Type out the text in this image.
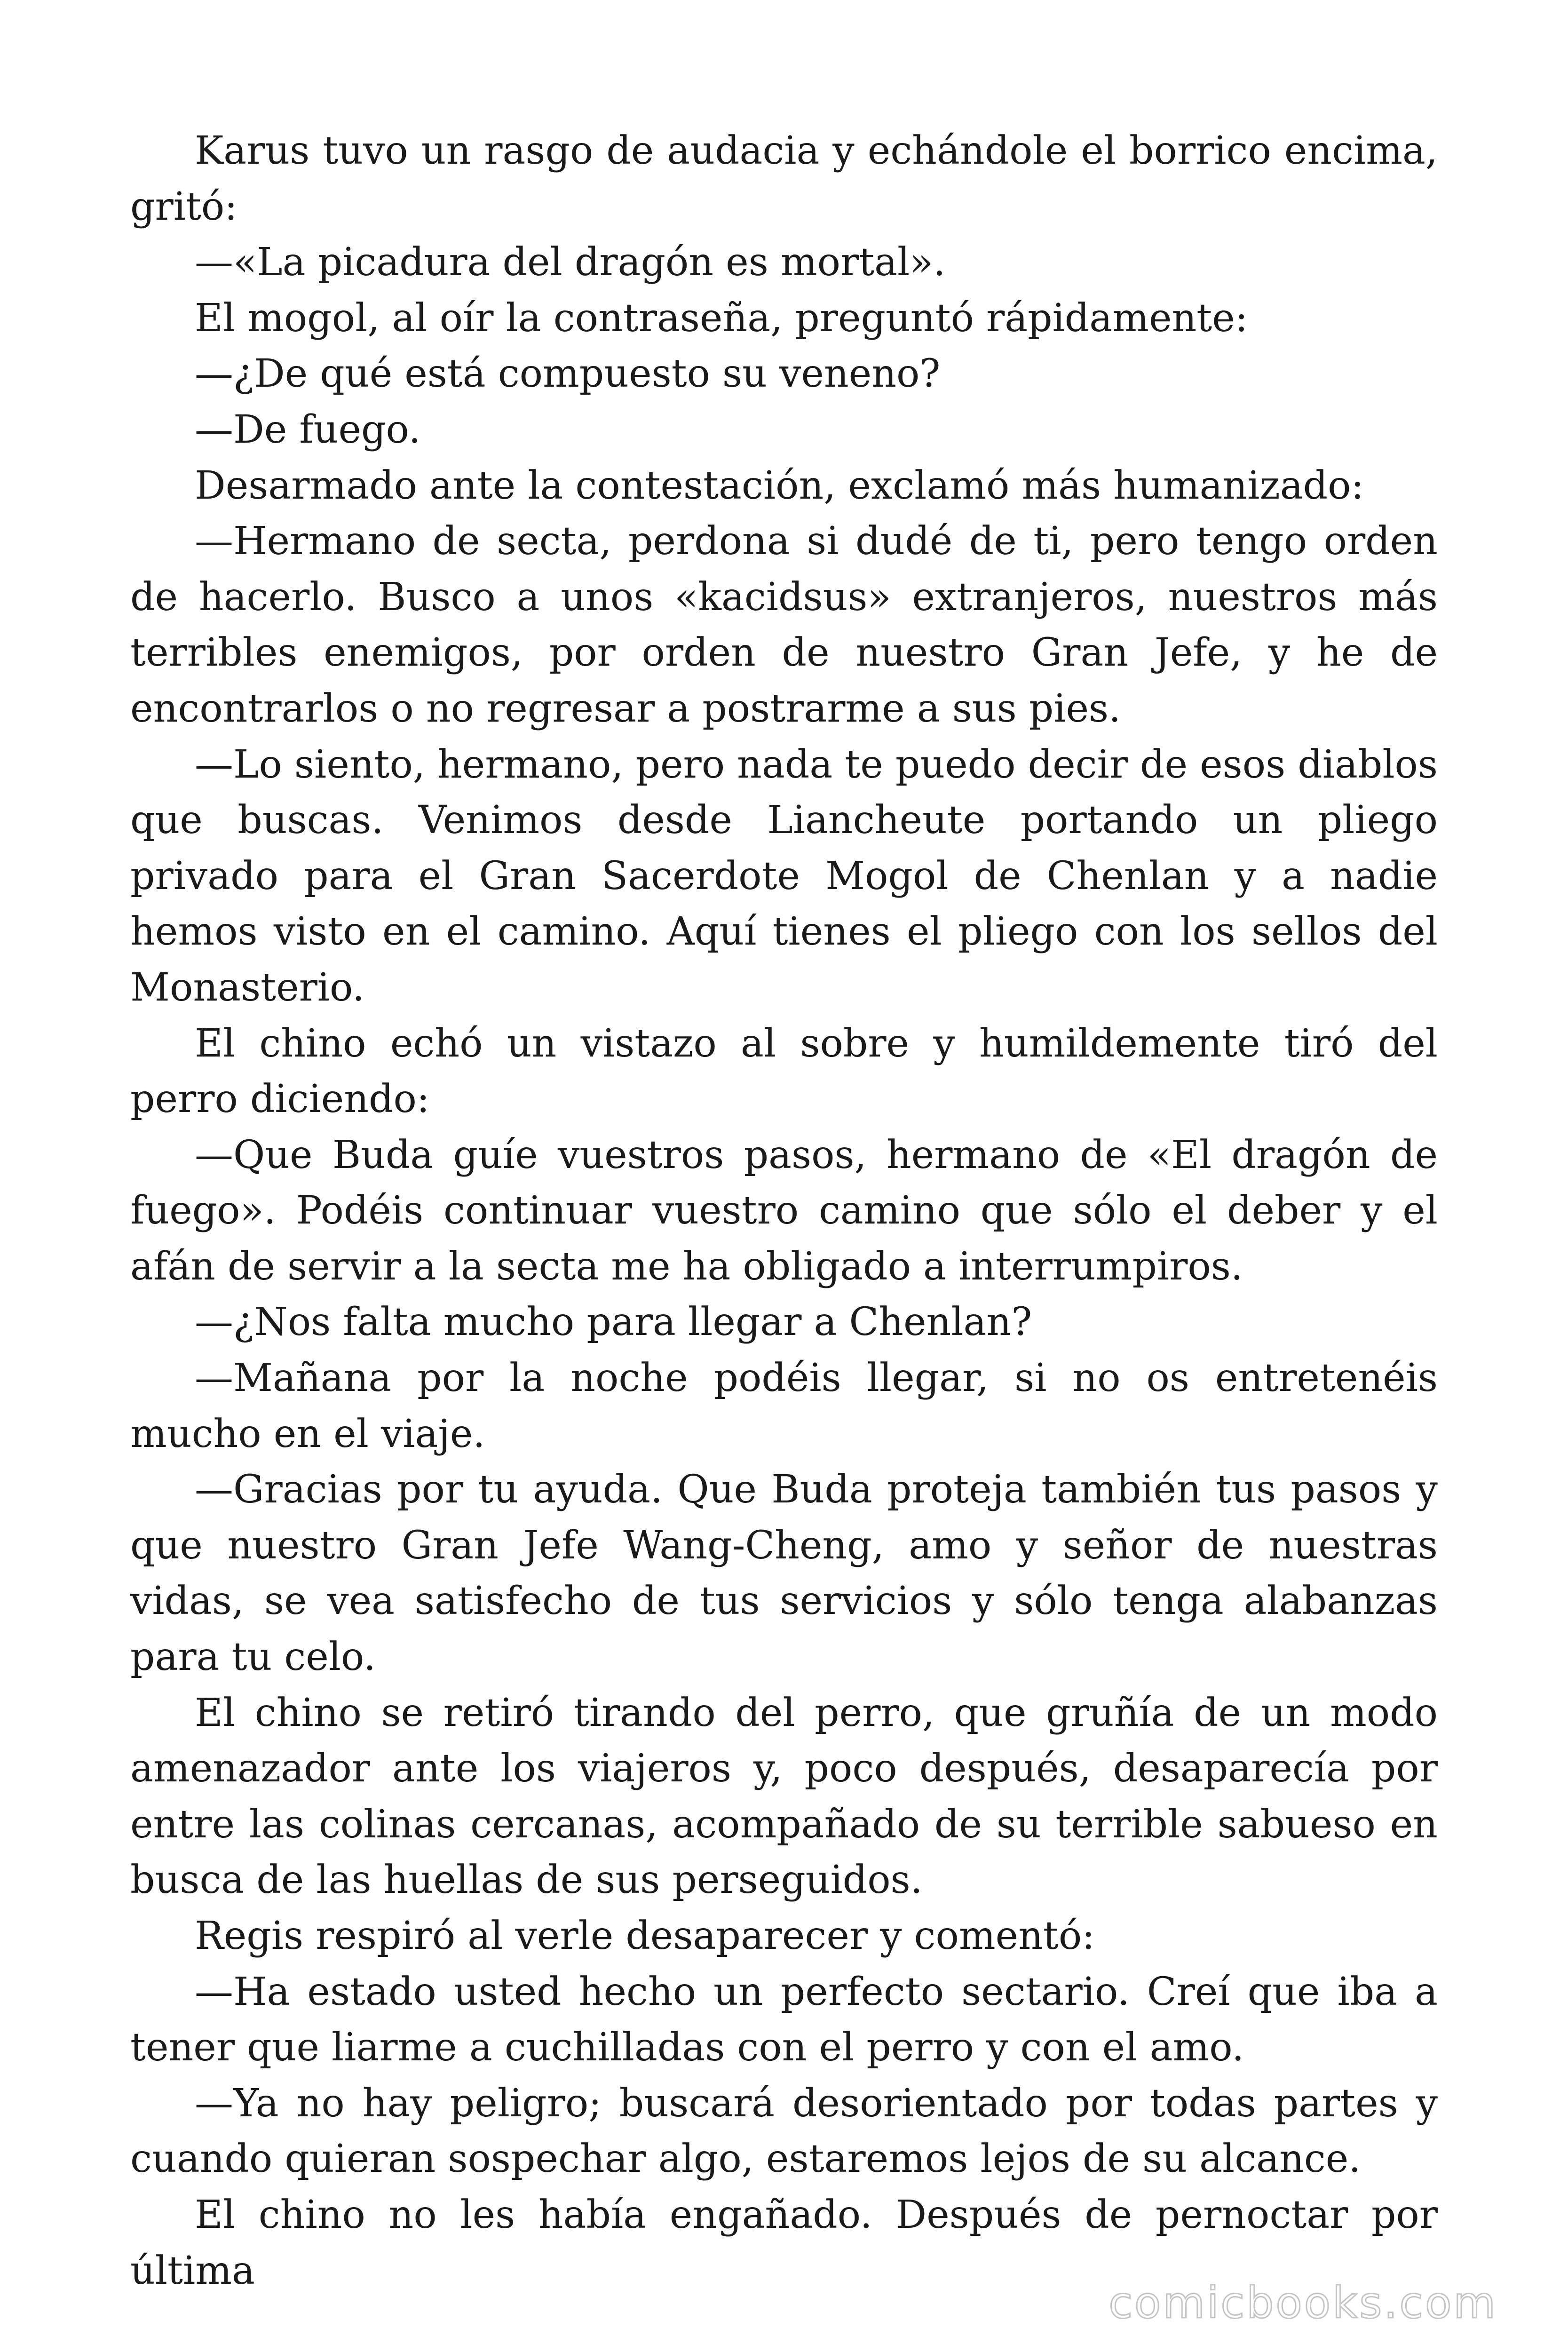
Karus tuvo un rasgo de audacia y echándole el borrico encima, gritó:

—«La picadura del dragón es mortal».

El mogol, al oír la contraseña, preguntó rápidamente:

—¿De qué está compuesto su veneno?

—De fuego.

Desarmado ante la contestación, exclamó más humanizado:

—Hermano de secta, perdona si dudé de ti, pero tengo orden de hacerlo. Busco a unos «kacidsus» extranjeros, nuestros más terribles enemigos, por orden de nuestro Gran Jefe, y he de encontrarlos o no regresar a postrarme a sus pies.

—Lo siento, hermano, pero nada te puedo decir de esos diablos que buscas. Venimos desde Liancheute portando un pliego privado para el Gran Sacerdote Mogol de Chenlan y a nadie hemos visto en el camino. Aquí tienes el pliego con los sellos del Monasterio.

El chino echó un vistazo al sobre y humildemente tiró del perro diciendo:

—Que Buda guíe vuestros pasos, hermano de «El dragón de fuego». Podéis continuar vuestro camino que sólo el deber y el afán de servir a la secta me ha obligado a interrumpiros.

—¿Nos falta mucho para llegar a Chenlan?

—Mañana por la noche podéis llegar, si no os entretenéis mucho en el viaje.

—Gracias por tu ayuda. Que Buda proteja también tus pasos y que nuestro Gran Jefe Wang-Cheng, amo y señor de nuestras vidas, se vea satisfecho de tus servicios y sólo tenga alabanzas para tu celo.

El chino se retiró tirando del perro, que gruñía de un modo amenazador ante los viajeros y, poco después, desaparecía por entre las colinas cercanas, acompañado de su terrible sabueso en busca de las huellas de sus perseguidos.

Regis respiró al verle desaparecer y comentó:

—Ha estado usted hecho un perfecto sectario. Creí que iba a tener que liarme a cuchilladas con el perro y con el amo.

—Ya no hay peligro; buscará desorientado por todas partes y cuando quieran sospechar algo, estaremos lejos de su alcance.

El chino no les había engañado. Después de pernoctar por última

comicbooks.com
